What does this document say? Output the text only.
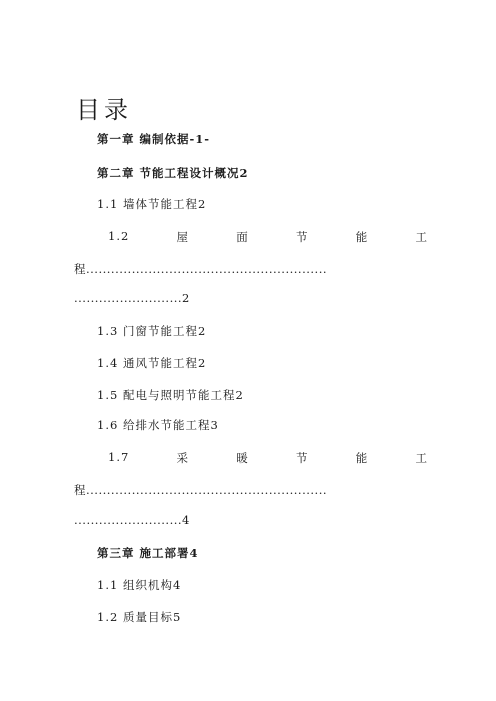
目录
第一章 编制依据-1-
第二章 节能工程设计概况2
1.1 墙体节能工程2
1.2	屋	面	节	能	工
程..........................................................
..........................2
1.3 门窗节能工程2
1.4 通风节能工程2
1.5 配电与照明节能工程2
1.6 给排水节能工程3
1.7	采	暖	节	能	工
程..........................................................
..........................4
第三章 施工部署4
1.1 组织机构4
1.2 质量目标5
